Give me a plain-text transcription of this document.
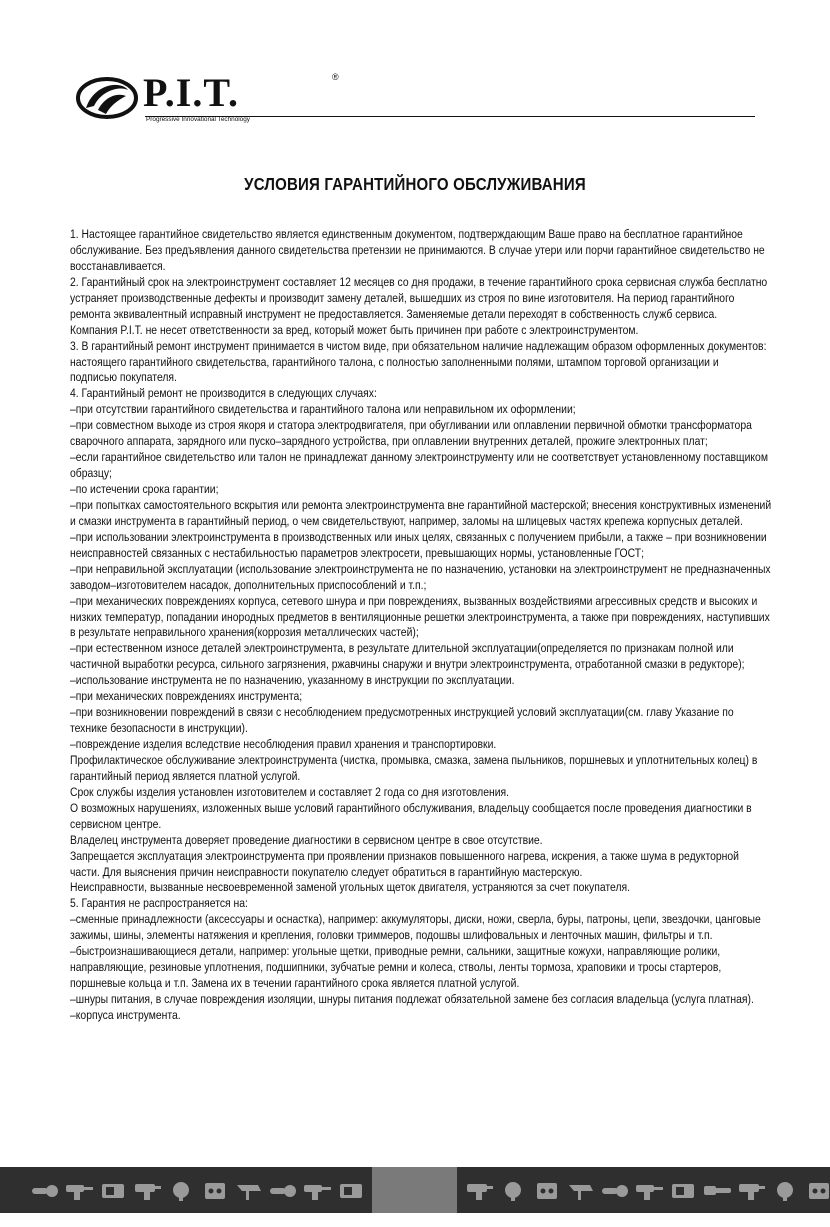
P.I.T.	®
Progressive Innovational Technology
УСЛОВИЯ ГАРАНТИЙНОГО ОБСЛУЖИВАНИЯ
1. Настоящее гарантийное свидетельство является единственным документом, подтверждающим Ваше право на бесплатное гарантийное
обслуживание. Без предъявления данного свидетельства претензии не принимаются. В случае утери или порчи гарантийное свидетельство не
восстанавливается.
2. Гарантийный срок на электроинструмент составляет 12 месяцев со дня продажи, в течение гарантийного срока сервисная служба бесплатно
устраняет производственные дефекты и производит замену деталей, вышедших из строя по вине изготовителя. На период гарантийного
ремонта эквивалентный исправный инструмент не предоставляется. Заменяемые детали переходят в собственность служб сервиса.
Компания P.I.T. не несет ответственности за вред, который может быть причинен при работе с электроинструментом.
3. В гарантийный ремонт инструмент принимается в чистом виде, при обязательном наличие надлежащим образом оформленных документов:
настоящего гарантийного свидетельства, гарантийного талона, с полностью заполненными полями, штампом торговой организации и
подписью покупателя.
4. Гарантийный ремонт не производится в следующих случаях:
–при отсутствии гарантийного свидетельства и гарантийного талона или неправильном их оформлении;
–при совместном выходе из строя якоря и статора электродвигателя, при обугливании или оплавлении первичной обмотки трансформатора
сварочного аппарата, зарядного или пуско–зарядного устройства, при оплавлении внутренних деталей, прожиге электронных плат;
–если гарантийное свидетельство или талон не принадлежат данному электроинструменту или не соответствует установленному поставщиком
образцу;
–по истечении срока гарантии;
–при попытках самостоятельного вскрытия или ремонта электроинструмента вне гарантийной мастерской; внесения конструктивных изменений
и смазки инструмента в гарантийный период, о чем свидетельствуют, например, заломы на шлицевых частях крепежа корпусных деталей.
–при использовании электроинструмента в производственных или иных целях, связанных с получением прибыли, а также – при возникновении
неисправностей связанных с нестабильностью параметров электросети, превышающих нормы, установленные ГОСТ;
–при неправильной эксплуатации (использование электроинструмента не по назначению, установки на электроинструмент не предназначенных
заводом–изготовителем насадок, дополнительных приспособлений и т.п.;
–при механических повреждениях корпуса, сетевого шнура и при повреждениях, вызванных воздействиями агрессивных средств и высоких и
низких температур, попадании инородных предметов в вентиляционные решетки электроинструмента, а также при повреждениях, наступивших
в результате неправильного хранения(коррозия металлических частей);
–при естественном износе деталей электроинструмента, в результате длительной эксплуатации(определяется по признакам полной или
частичной выработки ресурса, сильного загрязнения, ржавчины снаружи и внутри электроинструмента, отработанной смазки в редукторе);
–использование инструмента не по назначению, указанному в инструкции по эксплуатации.
–при механических повреждениях инструмента;
–при возникновении повреждений в связи с несоблюдением предусмотренных инструкцией условий эксплуатации(см. главу Указание по
технике безопасности в инструкции).
–повреждение изделия вследствие несоблюдения правил хранения и транспортировки.
Профилактическое обслуживание электроинструмента (чистка, промывка, смазка, замена пыльников, поршневых и уплотнительных колец) в
гарантийный период является платной услугой.
Срок службы изделия установлен изготовителем и составляет 2 года со дня изготовления.
О возможных нарушениях, изложенных выше условий гарантийного обслуживания, владельцу сообщается после проведения диагностики в
сервисном центре.
Владелец инструмента доверяет проведение диагностики в сервисном центре в свое отсутствие.
Запрещается эксплуатация электроинструмента при проявлении признаков повышенного нагрева, искрения, а также шума в редукторной
части. Для выяснения причин неисправности покупателю следует обратиться в гарантийную мастерскую.
Неисправности, вызванные несвоевременной заменой угольных щеток двигателя, устраняются за счет покупателя.
5. Гарантия не распространяется на:
–сменные принадлежности (аксессуары и оснастка), например: аккумуляторы, диски, ножи, сверла, буры, патроны, цепи, звездочки, цанговые
зажимы, шины, элементы натяжения и крепления, головки триммеров, подошвы шлифовальных и ленточных машин, фильтры и т.п.
–быстроизнашивающиеся детали, например: угольные щетки, приводные ремни, сальники, защитные кожухи, направляющие ролики,
направляющие, резиновые уплотнения, подшипники, зубчатые ремни и колеса, стволы, ленты тормоза, храповики и тросы стартеров,
поршневые кольца и т.п. Замена их в течении гарантийного срока является платной услугой.
–шнуры питания, в случае повреждения изоляции, шнуры питания подлежат обязательной замене без согласия владельца (услуга платная).
–корпуса инструмента.
